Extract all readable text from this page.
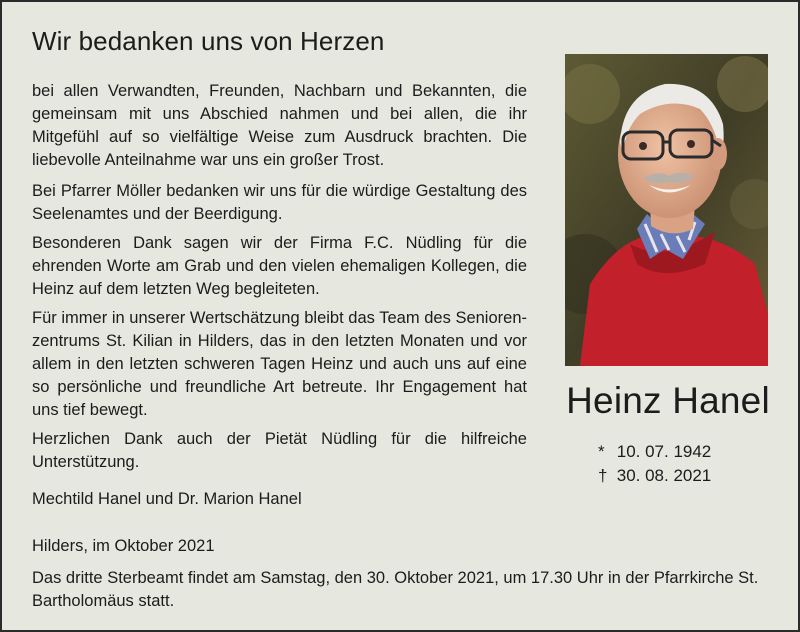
Wir bedanken uns von Herzen

bei allen Verwandten, Freunden, Nachbarn und Bekannten, die gemeinsam mit uns Abschied nahmen und bei allen, die ihr Mitgefühl auf so vielfältige Weise zum Ausdruck brachten. Die liebevolle Anteilnahme war uns ein großer Trost.

Bei Pfarrer Möller bedanken wir uns für die würdige Gestaltung des Seelenamtes und der Beerdigung.

Besonderen Dank sagen wir der Firma F.C. Nüdling für die ehrenden Worte am Grab und den vielen ehemaligen Kollegen, die Heinz auf dem letzten Weg begleiteten.

Für immer in unserer Wertschätzung bleibt das Team des Senioren-zentrums St. Kilian in Hilders, das in den letzten Monaten und vor allem in den letzten schweren Tagen Heinz und auch uns auf eine so persönliche und freundliche Art betreute. Ihr Engagement hat uns tief bewegt.

Herzlichen Dank auch der Pietät Nüdling für die hilfreiche Unterstützung.

Mechtild Hanel und Dr. Marion Hanel
Hilders, im Oktober 2021
Das dritte Sterbeamt findet am Samstag, den 30. Oktober 2021, um 17.30 Uhr in der Pfarrkirche St. Bartholomäus statt.
Heinz Hanel
* 10. 07. 1942
† 30. 08. 2021
